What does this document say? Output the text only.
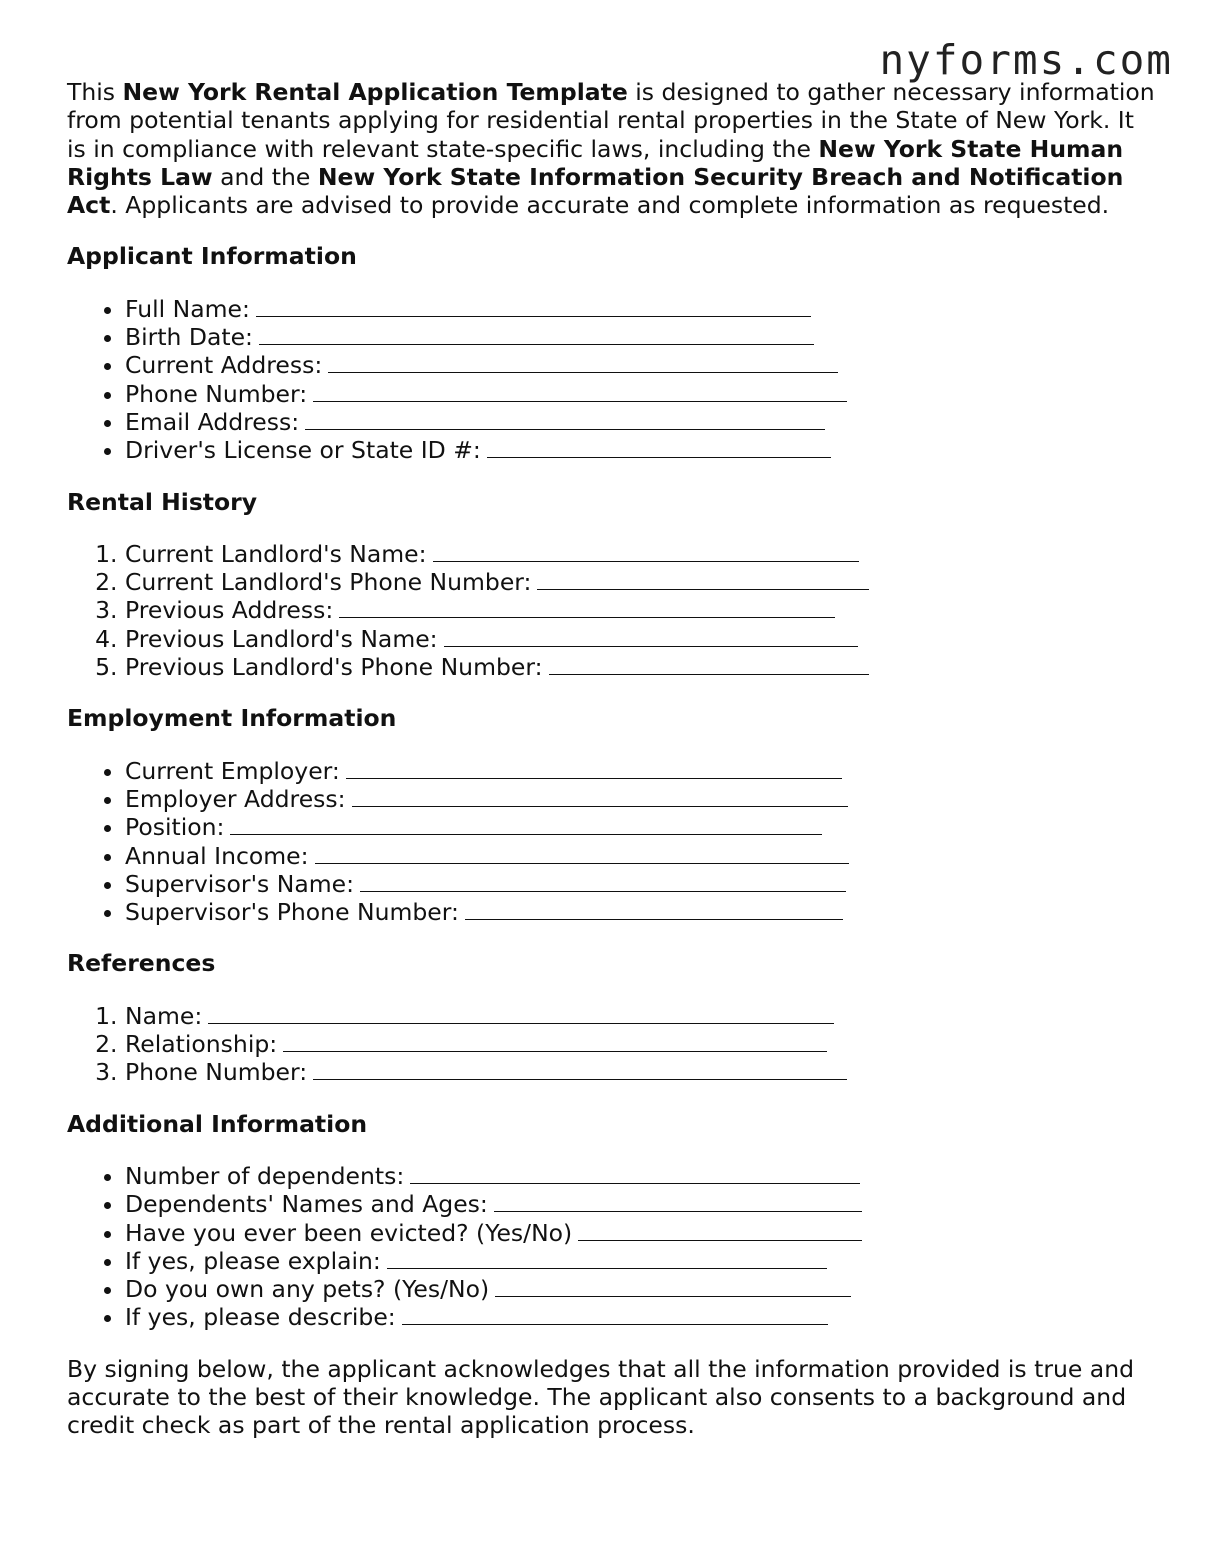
nyforms.com

This New York Rental Application Template is designed to gather necessary information from potential tenants applying for residential rental properties in the State of New York. It is in compliance with relevant state-specific laws, including the New York State Human Rights Law and the New York State Information Security Breach and Notification Act. Applicants are advised to provide accurate and complete information as requested.

Applicant Information
• Full Name:
• Birth Date:
• Current Address:
• Phone Number:
• Email Address:
• Driver's License or State ID #:
Rental History
1. Current Landlord's Name:
2. Current Landlord's Phone Number:
3. Previous Address:
4. Previous Landlord's Name:
5. Previous Landlord's Phone Number:
Employment Information
• Current Employer:
• Employer Address:
• Position:
• Annual Income:
• Supervisor's Name:
• Supervisor's Phone Number:
References
1. Name:
2. Relationship:
3. Phone Number:
Additional Information
• Number of dependents:
• Dependents' Names and Ages:
• Have you ever been evicted? (Yes/No)
• If yes, please explain:
• Do you own any pets? (Yes/No)
• If yes, please describe:

By signing below, the applicant acknowledges that all the information provided is true and accurate to the best of their knowledge. The applicant also consents to a background and credit check as part of the rental application process.
